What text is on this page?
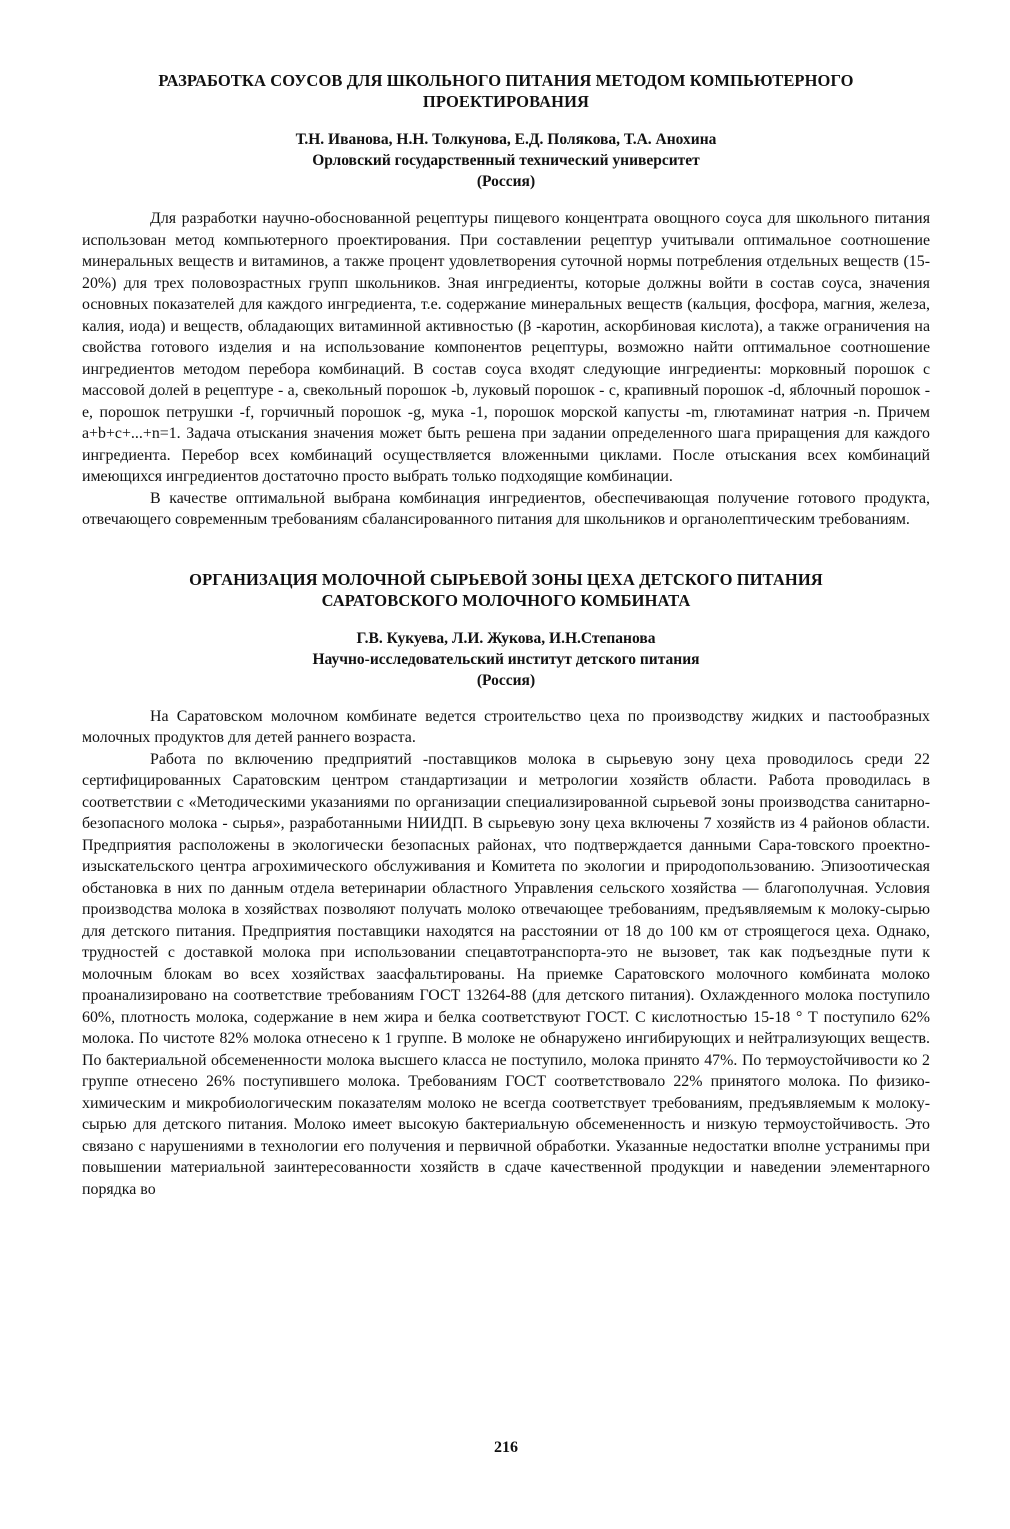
РАЗРАБОТКА СОУСОВ ДЛЯ ШКОЛЬНОГО ПИТАНИЯ МЕТОДОМ КОМПЬЮТЕРНОГО
ПРОЕКТИРОВАНИЯ

Т.Н. Иванова, Н.Н. Толкунова, Е.Д. Полякова, Т.А. Анохина

Орловский государственный технический университет

(Россия)

Для разработки научно-обоснованной рецептуры пищевого концентрата овощного соуса для школьного питания использован метод компьютерного проектирования. При составлении рецептур учитывали оптимальное соотношение минеральных веществ и витаминов, а также процент удовлетворения суточной нормы потребления отдельных веществ (15-20%) для трех половозрастных групп школьников. Зная ингредиенты, которые должны войти в состав соуса, значения основных показателей для каждого ингредиента, т.е. содержание минеральных веществ (кальция, фосфора, магния, железа, калия, иода) и веществ, обладающих витаминной активностью (β -каротин, аскорбиновая кислота), а также ограничения на свойства готового изделия и на использование компонентов рецептуры, возможно найти оптимальное соотношение ингредиентов методом перебора комбинаций. В состав соуса входят следующие ингредиенты: морковный порошок с массовой долей в рецептуре - a, свекольный порошок -b, луковый порошок - c, крапивный порошок -d, яблочный порошок -e, порошок петрушки -f, горчичный порошок -g, мука -1, порошок морской капусты -m, глютаминат натрия -n. Причем a+b+c+...+n=1. Задача отыскания значения может быть решена при задании определенного шага приращения для каждого ингредиента. Перебор всех комбинаций осуществляется вложенными циклами. После отыскания всех комбинаций имеющихся ингредиентов достаточно просто выбрать только подходящие комбинации.

В качестве оптимальной выбрана комбинация ингредиентов, обеспечивающая получение готового продукта, отвечающего современным требованиям сбалансированного питания для школьников и органолептическим требованиям.

ОРГАНИЗАЦИЯ МОЛОЧНОЙ СЫРЬЕВОЙ ЗОНЫ ЦЕХА ДЕТСКОГО ПИТАНИЯ
САРАТОВСКОГО МОЛОЧНОГО КОМБИНАТА

Г.В. Кукуева, Л.И. Жукова, И.Н.Степанова

Научно-исследовательский институт детского питания

(Россия)

На Саратовском молочном комбинате ведется строительство цеха по производству жидких и пастообразных молочных продуктов для детей раннего возраста.

Работа по включению предприятий -поставщиков молока в сырьевую зону цеха проводилось среди 22 сертифицированных Саратовским центром стандартизации и метрологии хозяйств области. Работа проводилась в соответствии с «Методическими указаниями по организации специализированной сырьевой зоны производства санитарно-безопасного молока - сырья», разработанными НИИДП. В сырьевую зону цеха включены 7 хозяйств из 4 районов области. Предприятия расположены в экологически безопасных районах, что подтверждается данными Сара-товского проектно-изыскательского центра агрохимического обслуживания и Комитета по экологии и природопользованию. Эпизоотическая обстановка в них по данным отдела ветеринарии областного Управления сельского хозяйства — благополучная. Условия производства молока в хозяйствах позволяют получать молоко отвечающее требованиям, предъявляемым к молоку-сырью для детского питания. Предприятия поставщики находятся на расстоянии от 18 до 100 км от строящегося цеха. Однако, трудностей с доставкой молока при использовании спецавтотранспорта-это не вызовет, так как подъездные пути к молочным блокам во всех хозяйствах заасфальтированы. На приемке Саратовского молочного комбината молоко проанализировано на соответствие требованиям ГОСТ 13264-88 (для детского питания). Охлажденного молока поступило 60%, плотность молока, содержание в нем жира и белка соответствуют ГОСТ. С кислотностью 15-18 ° Т поступило 62% молока. По чистоте 82% молока отнесено к 1 группе. В молоке не обнаружено ингибирующих и нейтрализующих веществ. По бактериальной обсемененности молока высшего класса не поступило, молока принято 47%. По термоустойчивости ко 2 группе отнесено 26% поступившего молока. Требованиям ГОСТ соответствовало 22% принятого молока. По физико-химическим и микробиологическим показателям молоко не всегда соответствует требованиям, предъявляемым к молоку-сырью для детского питания. Молоко имеет высокую бактериальную обсемененность и низкую термоустойчивость. Это связано с нарушениями в технологии его получения и первичной обработки. Указанные недостатки вполне устранимы при повышении материальной заинтересованности хозяйств в сдаче качественной продукции и наведении элементарного порядка во

216
